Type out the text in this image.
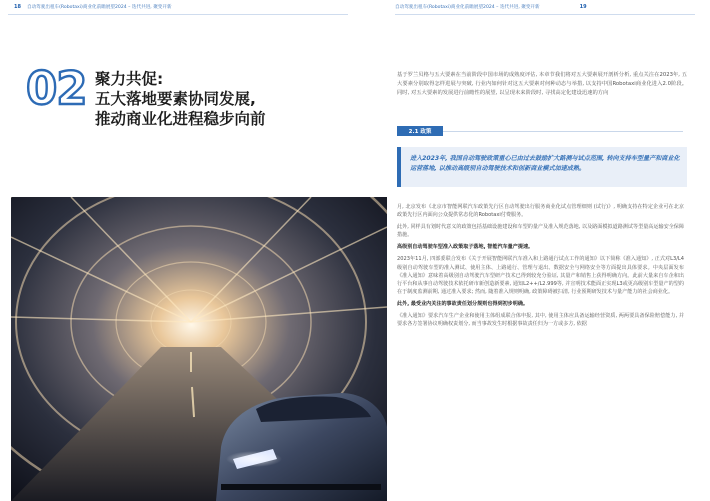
18 自动驾驶出租车(Robotaxi)商业化前瞻展望2024 – 迭代共进, 聚变开新	自动驾驶出租车(Robotaxi)商业化前瞻展望2024 – 迭代共进, 聚变开新	19
02 聚力共促:
五大落地要素协同发展,
推动商业化进程稳步向前

基于罗兰贝格与五大要素在当前阶段中国市场的成熟度评估, 本章节我们将对五大要素展开剖析分析, 重点关注在2023年, 五大要素分别取得怎样进展与突破, 行业内如何针对这五大要素对何种动态与举措, 以支持中国Robotaxi商业化进入2.0阶段。同时, 对五大要素的发展进行前瞻性的展望, 以呈现未来阶段时, 寻找高定化建设迅速的方向

2.1 政策
进入2023年, 我国自动驾驶政策重心已由过去鼓励扩大路测与试点范围, 转向支持车型量产和商业化运营落地, 以推动高级别自动驾驶技术和创新商业模式加速成熟。

月, 北京发布《北京市智能网联汽车政策先行区自动驾驶出行服务商业化试点管理细则 (试行)》, 明确支持在特定企业可在北京政策先行区内面向公众提供常态化的Robotaxi付费服务。

此外, 同样具有划时代意义的政策包括基础设施建设和车型的量产及准入规范落地, 以及路面模拟道路测试等型量高运输安全保障措施。

高级别自动驾驶车型准入政策取子落地, 智能汽车量产提速。

2023年11月, 四部委联合发布《关于开展智能网联汽车准入和上路通行试点工作的通知》以下简称《准入通知》, 正式对L3/L4级别自动驾驶车型的准入测试、使用主体、上路通行、管理与退出、数据安全与网络安全等方面提出具体要求。中央层面发布《准入通知》意味着高级别自动驾驶汽车型研产技术已得到较充分验证, 其量产和销售上获得明确方向。此前大量来自车企和出行平台和从事自动驾驶技术依托研市新创造新要素, 通知L2++/L2.999等, 并宣明技术能面正实现L3或更高级别车型量产的型的在于制度监测前期, 通过准入要求; 然而, 随着准入规则明确, 政策障碍被扫清, 行业预期研发技术与量产能力的社会商业化。

此外, 最受业内关注的事故责任划分规则也得到初步明确。

《准入通知》要求汽车生产企业和使用主体组成联合体申报, 其中, 使用主体应具备运输经营资质, 两两要具备保险赔偿能力, 并要求各方签署协议明确权责划分, 而当事故发生时根据事故责任归为一方或多方, 依据
